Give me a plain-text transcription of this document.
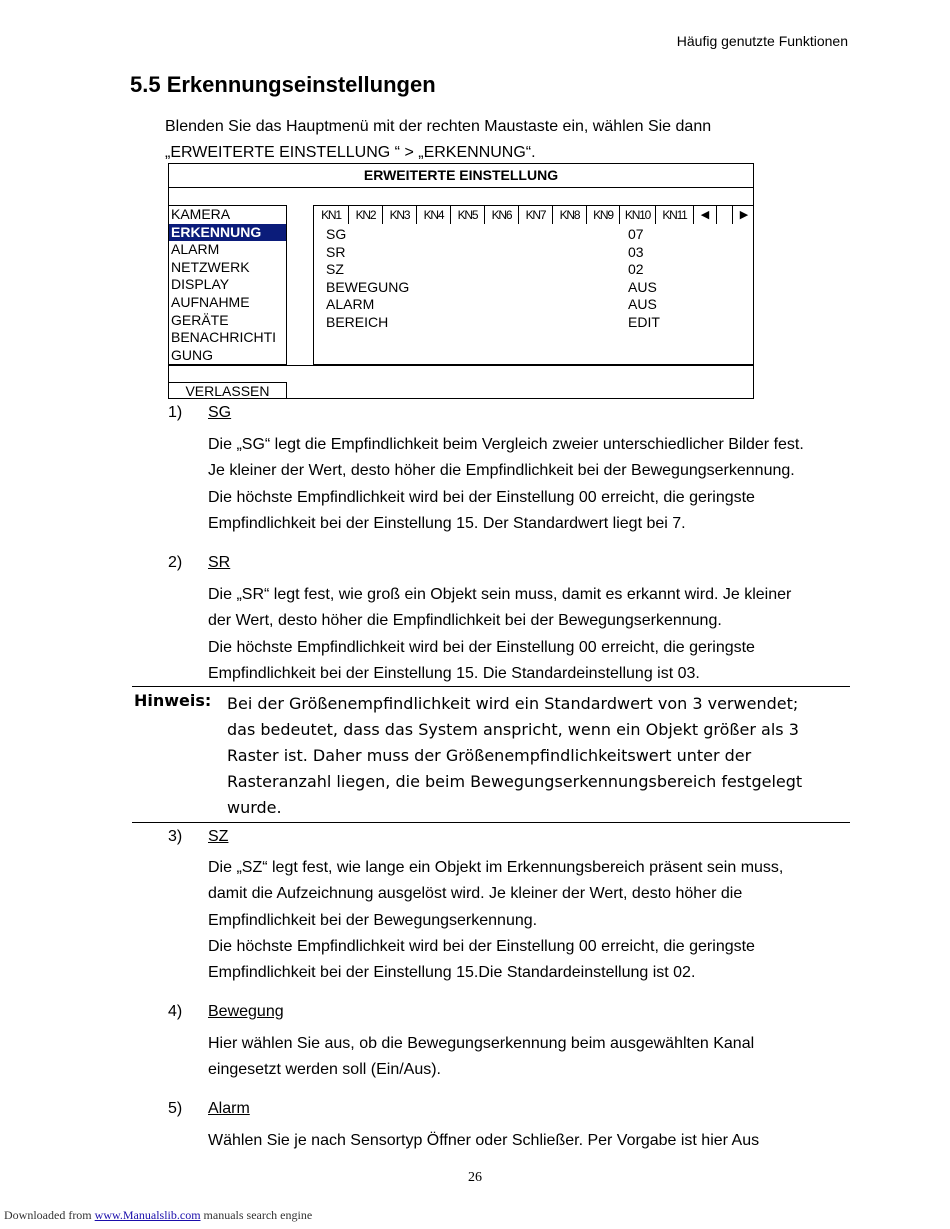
Häufig genutzte Funktionen
5.5 Erkennungseinstellungen
Blenden Sie das Hauptmenü mit der rechten Maustaste ein, wählen Sie dann
„ERWEITERTE EINSTELLUNG “ > „ERKENNUNG“.
ERWEITERTE EINSTELLUNG
KAMERA
ERKENNUNG
ALARM
NETZWERK
DISPLAY
AUFNAHME
GERÄTE
BENACHRICHTI
GUNG
KN1	KN2	KN3	KN4	KN5	KN6	KN7	KN8	KN9	KN10	KN11	◀	▶
SG	07
SR	03
SZ	02
BEWEGUNG	AUS
ALARM	AUS
BEREICH	EDIT
VERLASSEN
1) SG
Die „SG“ legt die Empfindlichkeit beim Vergleich zweier unterschiedlicher Bilder fest.
Je kleiner der Wert, desto höher die Empfindlichkeit bei der Bewegungserkennung.
Die höchste Empfindlichkeit wird bei der Einstellung 00 erreicht, die geringste
Empfindlichkeit bei der Einstellung 15. Der Standardwert liegt bei 7.
2) SR
Die „SR“ legt fest, wie groß ein Objekt sein muss, damit es erkannt wird. Je kleiner
der Wert, desto höher die Empfindlichkeit bei der Bewegungserkennung.
Die höchste Empfindlichkeit wird bei der Einstellung 00 erreicht, die geringste
Empfindlichkeit bei der Einstellung 15. Die Standardeinstellung ist 03.
Hinweis: Bei der Größenempfindlichkeit wird ein Standardwert von 3 verwendet;
das bedeutet, dass das System anspricht, wenn ein Objekt größer als 3
Raster ist. Daher muss der Größenempfindlichkeitswert unter der
Rasteranzahl liegen, die beim Bewegungserkennungsbereich festgelegt
wurde.
3) SZ
Die „SZ“ legt fest, wie lange ein Objekt im Erkennungsbereich präsent sein muss,
damit die Aufzeichnung ausgelöst wird. Je kleiner der Wert, desto höher die
Empfindlichkeit bei der Bewegungserkennung.
Die höchste Empfindlichkeit wird bei der Einstellung 00 erreicht, die geringste
Empfindlichkeit bei der Einstellung 15.Die Standardeinstellung ist 02.
4) Bewegung
Hier wählen Sie aus, ob die Bewegungserkennung beim ausgewählten Kanal
eingesetzt werden soll (Ein/Aus).
5) Alarm
Wählen Sie je nach Sensortyp Öffner oder Schließer. Per Vorgabe ist hier Aus
26
Downloaded from www.Manualslib.com manuals search engine
